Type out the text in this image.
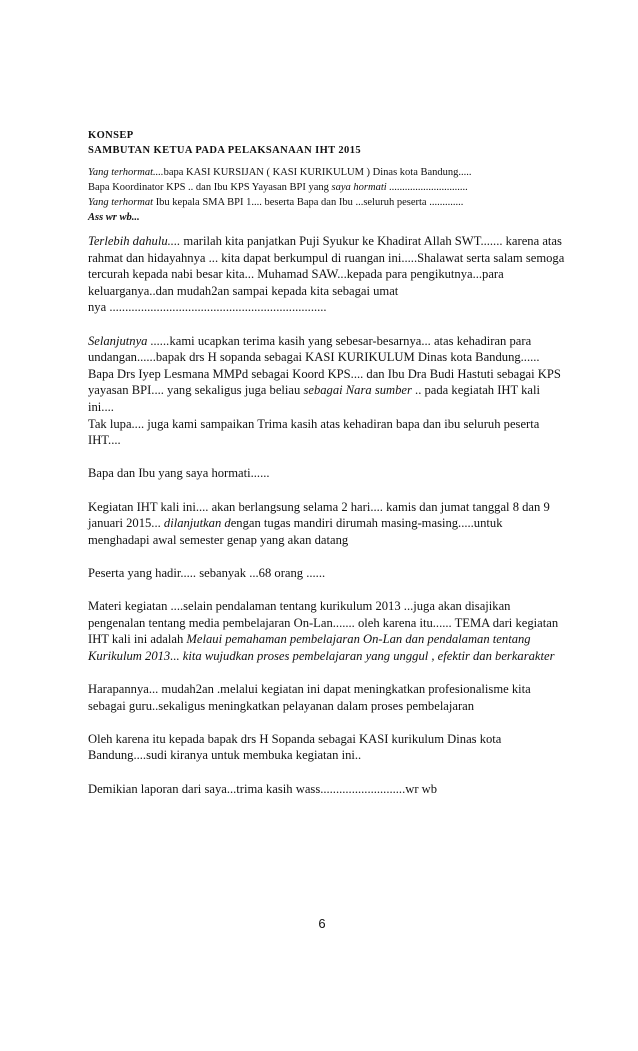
KONSEP
SAMBUTAN KETUA PADA PELAKSANAAN IHT 2015
Yang terhormat....bapa KASI KURSIJAN ( KASI KURIKULUM ) Dinas kota Bandung.....
Bapa Koordinator KPS .. dan Ibu KPS Yayasan BPI yang saya hormati ..............................
Yang terhormat Ibu kepala SMA BPI 1.... beserta Bapa dan Ibu ...seluruh peserta .............
Ass wr wb...

Terlebih dahulu.... marilah kita panjatkan Puji Syukur ke Khadirat Allah SWT....... karena atas
rahmat dan hidayahnya ... kita dapat berkumpul di ruangan ini.....Shalawat serta salam semoga
tercurah kepada nabi besar kita... Muhamad SAW...kepada para pengikutnya...para
keluarganya..dan mudah2an sampai kepada kita sebagai umat
nya .....................................................................

Selanjutnya ......kami ucapkan terima kasih yang sebesar-besarnya... atas kehadiran para
undangan......bapak drs H sopanda sebagai KASI KURIKULUM Dinas kota Bandung......
Bapa Drs Iyep Lesmana MMPd sebagai Koord KPS.... dan Ibu Dra Budi Hastuti sebagai KPS
yayasan BPI.... yang sekaligus juga beliau sebagai Nara sumber .. pada kegiatah IHT kali
ini....
Tak lupa.... juga kami sampaikan Trima kasih atas kehadiran bapa dan ibu seluruh peserta
IHT....

Bapa dan Ibu yang saya hormati......

Kegiatan IHT kali ini.... akan berlangsung selama 2 hari.... kamis dan jumat tanggal 8 dan 9
januari 2015... dilanjutkan dengan tugas mandiri dirumah masing-masing.....untuk
menghadapi awal semester genap yang akan datang

Peserta yang hadir..... sebanyak ...68 orang ......

Materi kegiatan ....selain pendalaman tentang kurikulum 2013 ...juga akan disajikan
pengenalan tentang media pembelajaran On-Lan....... oleh karena itu...... TEMA dari kegiatan
IHT kali ini adalah Melaui pemahaman pembelajaran On-Lan dan pendalaman tentang
Kurikulum 2013... kita wujudkan proses pembelajaran yang unggul , efektir dan berkarakter

Harapannya... mudah2an .melalui kegiatan ini dapat meningkatkan profesionalisme kita
sebagai guru..sekaligus meningkatkan pelayanan dalam proses pembelajaran

Oleh karena itu kepada bapak drs H Sopanda sebagai KASI kurikulum Dinas kota
Bandung....sudi kiranya untuk membuka kegiatan ini..

Demikian laporan dari saya...trima kasih wass...........................wr wb

6
